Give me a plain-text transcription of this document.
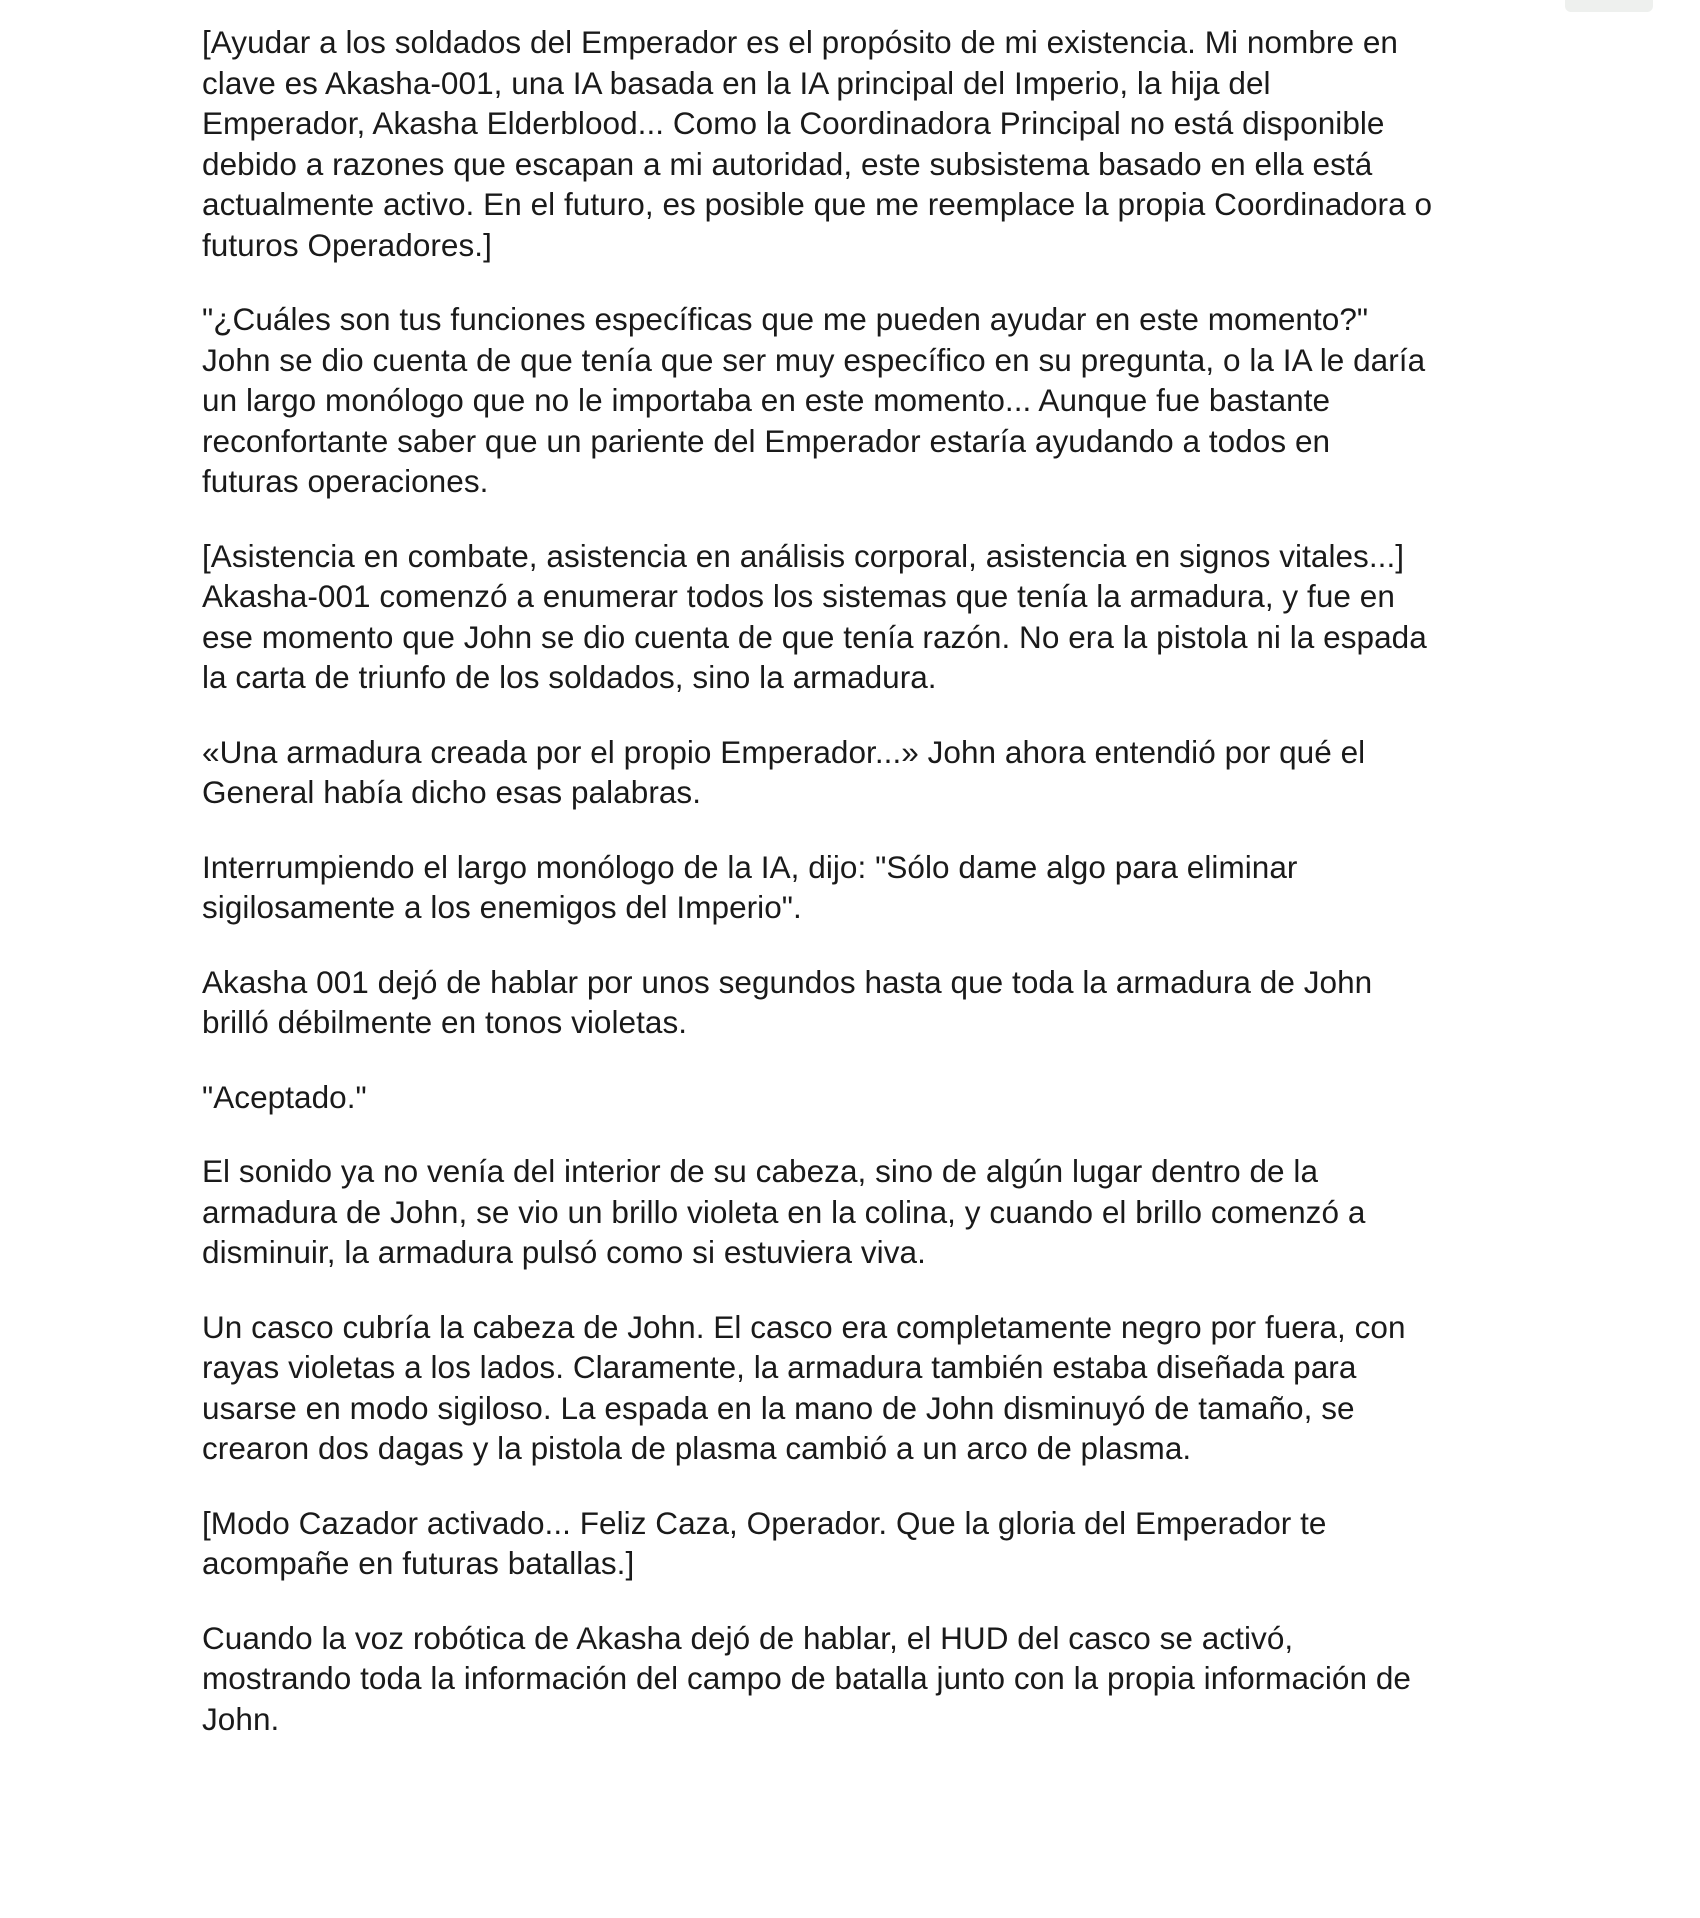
[Ayudar a los soldados del Emperador es el propósito de mi existencia. Mi nombre en
clave es Akasha-001, una IA basada en la IA principal del Imperio, la hija del
Emperador, Akasha Elderblood... Como la Coordinadora Principal no está disponible
debido a razones que escapan a mi autoridad, este subsistema basado en ella está
actualmente activo. En el futuro, es posible que me reemplace la propia Coordinadora o
futuros Operadores.]

"¿Cuáles son tus funciones específicas que me pueden ayudar en este momento?"
John se dio cuenta de que tenía que ser muy específico en su pregunta, o la IA le daría
un largo monólogo que no le importaba en este momento... Aunque fue bastante
reconfortante saber que un pariente del Emperador estaría ayudando a todos en
futuras operaciones.

[Asistencia en combate, asistencia en análisis corporal, asistencia en signos vitales...]
Akasha-001 comenzó a enumerar todos los sistemas que tenía la armadura, y fue en
ese momento que John se dio cuenta de que tenía razón. No era la pistola ni la espada
la carta de triunfo de los soldados, sino la armadura.

«Una armadura creada por el propio Emperador...» John ahora entendió por qué el
General había dicho esas palabras.

Interrumpiendo el largo monólogo de la IA, dijo: "Sólo dame algo para eliminar
sigilosamente a los enemigos del Imperio".

Akasha 001 dejó de hablar por unos segundos hasta que toda la armadura de John
brilló débilmente en tonos violetas.

"Aceptado."

El sonido ya no venía del interior de su cabeza, sino de algún lugar dentro de la
armadura de John, se vio un brillo violeta en la colina, y cuando el brillo comenzó a
disminuir, la armadura pulsó como si estuviera viva.

Un casco cubría la cabeza de John. El casco era completamente negro por fuera, con
rayas violetas a los lados. Claramente, la armadura también estaba diseñada para
usarse en modo sigiloso. La espada en la mano de John disminuyó de tamaño, se
crearon dos dagas y la pistola de plasma cambió a un arco de plasma.

[Modo Cazador activado... Feliz Caza, Operador. Que la gloria del Emperador te
acompañe en futuras batallas.]

Cuando la voz robótica de Akasha dejó de hablar, el HUD del casco se activó,
mostrando toda la información del campo de batalla junto con la propia información de
John.
